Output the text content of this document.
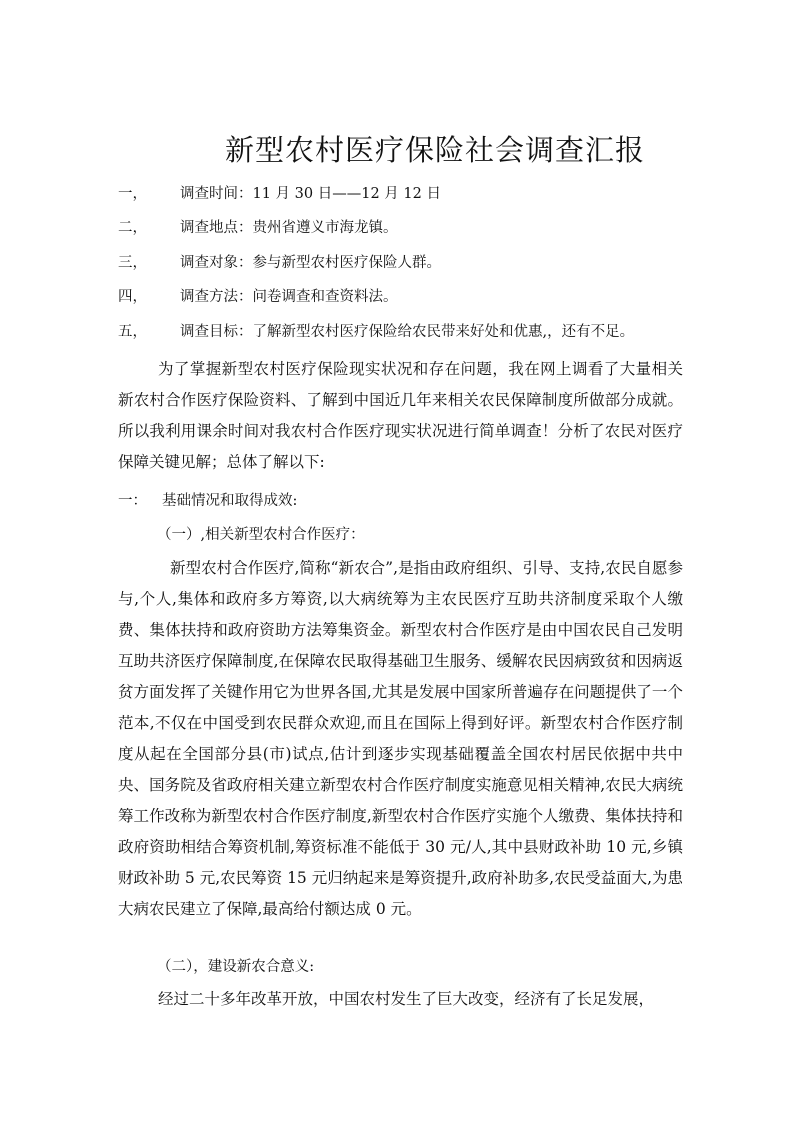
新型农村医疗保险社会调查汇报
一，	调查时间： 11 月 30 日——12 月 12 日
二，	调查地点： 贵州省遵义市海龙镇。
三，	调查对象： 参与新型农村医疗保险人群。
四，	调查方法： 问卷调查和查资料法。
五，	调查目标： 了解新型农村医疗保险给农民带来好处和优惠,，还有不足。

为了掌握新型农村医疗保险现实状况和存在问题，我在网上调看了大量相关新农村合作医疗保险资料、了解到中国近几年来相关农民保障制度所做部分成就。所以我利用课余时间对我农村合作医疗现实状况进行简单调查！分析了农民对医疗保障关键见解；总体了解以下:

一： 基础情况和取得成效:
（一）,相关新型农村合作医疗：

新型农村合作医疗,简称“新农合”,是指由政府组织、引导、支持,农民自愿参与,个人,集体和政府多方筹资,以大病统筹为主农民医疗互助共济制度采取个人缴费、集体扶持和政府资助方法筹集资金。新型农村合作医疗是由中国农民自己发明互助共济医疗保障制度,在保障农民取得基础卫生服务、缓解农民因病致贫和因病返贫方面发挥了关键作用它为世界各国,尤其是发展中国家所普遍存在问题提供了一个范本,不仅在中国受到农民群众欢迎,而且在国际上得到好评。新型农村合作医疗制度从起在全国部分县(市)试点,估计到逐步实现基础覆盖全国农村居民依据中共中央、国务院及省政府相关建立新型农村合作医疗制度实施意见相关精神,农民大病统筹工作改称为新型农村合作医疗制度,新型农村合作医疗实施个人缴费、集体扶持和政府资助相结合筹资机制,筹资标准不能低于 30 元/人,其中县财政补助 10 元,乡镇财政补助 5 元,农民筹资 15 元归纳起来是筹资提升,政府补助多,农民受益面大,为患大病农民建立了保障,最高给付额达成 0 元。

（二），建设新农合意义:

经过二十多年改革开放，中国农村发生了巨大改变，经济有了长足发展，
